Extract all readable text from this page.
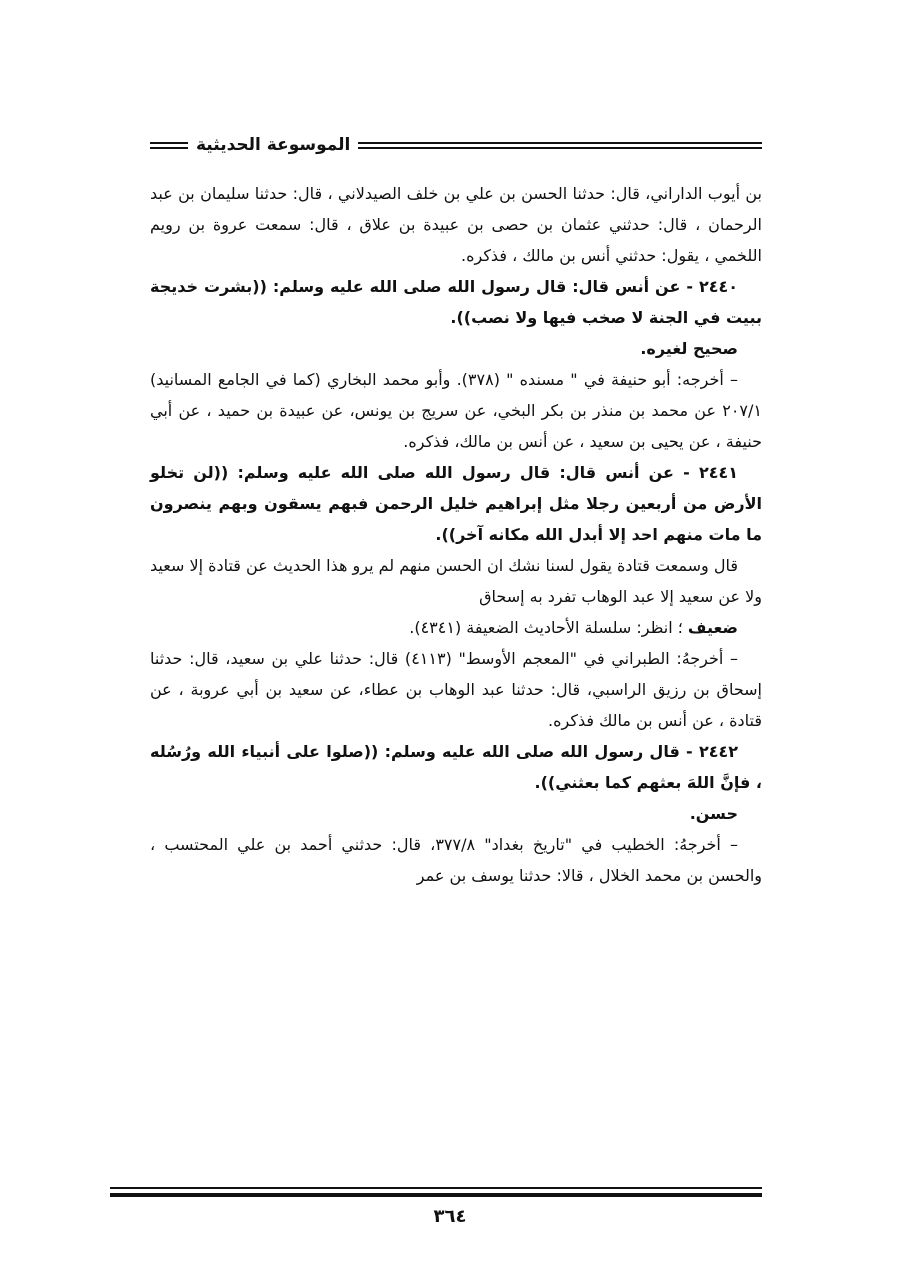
الموسوعة الحديثية

بن أيوب الداراني، قال: حدثنا الحسن بن علي بن خلف الصيدلاني ، قال: حدثنا سليمان بن عبد الرحمان ، قال: حدثني عثمان بن حصى بن عبيدة بن علاق ، قال: سمعت عروة بن رويم اللخمي ، يقول: حدثني أنس بن مالك ، فذكره.

٢٤٤٠ - عن أنس قال: قال رسول الله صلى الله عليه وسلم: ((بشرت خديجة ببيت في الجنة لا صخب فيها ولا نصب)).

صحيح لغيره.

– أخرجه: أبو حنيفة في " مسنده " (٣٧٨). وأبو محمد البخاري (كما في الجامع المسانيد) ٢٠٧/١ عن محمد بن منذر بن بكر البخي، عن سريج بن يونس، عن عبيدة بن حميد ، عن أبي حنيفة ، عن يحيى بن سعيد ، عن أنس بن مالك، فذكره.

٢٤٤١ - عن أنس قال: قال رسول الله صلى الله عليه وسلم: ((لن تخلو الأرض من أربعين رجلا مثل إبراهيم خليل الرحمن فبهم يسقون وبهم ينصرون ما مات منهم احد إلا أبدل الله مكانه آخر)).

قال وسمعت قتادة يقول لسنا نشك ان الحسن منهم لم يرو هذا الحديث عن قتادة إلا سعيد ولا عن سعيد إلا عبد الوهاب تفرد به إسحاق

ضعيف ؛ انظر: سلسلة الأحاديث الضعيفة (٤٣٤١).

– أخرجهُ: الطبراني في "المعجم الأوسط" (٤١١٣) قال: حدثنا علي بن سعيد، قال: حدثنا إسحاق بن رزيق الراسبي، قال: حدثنا عبد الوهاب بن عطاء، عن سعيد بن أبي عروبة ، عن قتادة ، عن أنس بن مالك فذكره.

٢٤٤٢ - قال رسول الله صلى الله عليه وسلم: ((صلوا على أنبياء الله ورُسُله ، فإنَّ اللهَ بعثهم كما بعثني)).

حسن.

– أخرجهُ: الخطيب في "تاريخ بغداد" ٣٧٧/٨، قال: حدثني أحمد بن علي المحتسب ، والحسن بن محمد الخلال ، قالا: حدثنا يوسف بن عمر

٣٦٤
